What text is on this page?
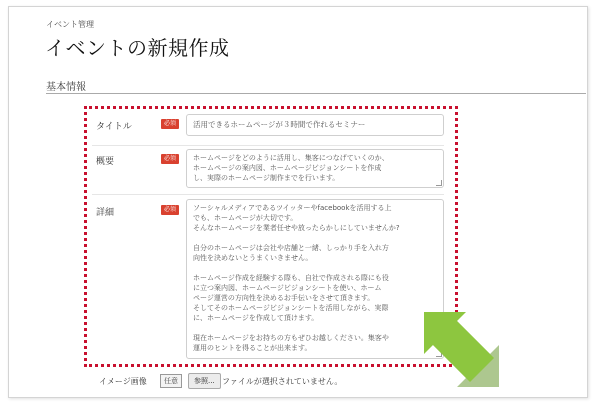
イベント管理
イベントの新規作成
基本情報
タイトル	必須	活用できるホームページが３時間で作れるセミナー
概要	必須	ホームページをどのように活用し、集客につなげていくのか、
ホームページの案内図、ホームページビジョンシートを作成
し、実際のホームページ制作までを行います。
詳細	必須	ソーシャルメディアであるツイッターやfacebookを活用する上
でも、ホームページが大切です。
そんなホームページを業者任せや放ったらかしにしていませんか?

自分のホームページは会社や店舗と一緒、しっかり手を入れ方
向性を決めないとうまくいきません。

ホームページ作成を経験する際も、自社で作成される際にも役
に立つ案内図、ホームページビジョンシートを使い、ホーム
ページ運営の方向性を決めるお手伝いをさせて頂きます。
そしてそのホームページビジョンシートを活用しながら、実際
に、ホームページを作成して頂けます。

現在ホームページをお持ちの方もぜひお越しください。集客や
運用のヒントを得ることが出来ます。
イメージ画像	任意	参照... ファイルが選択されていません。
